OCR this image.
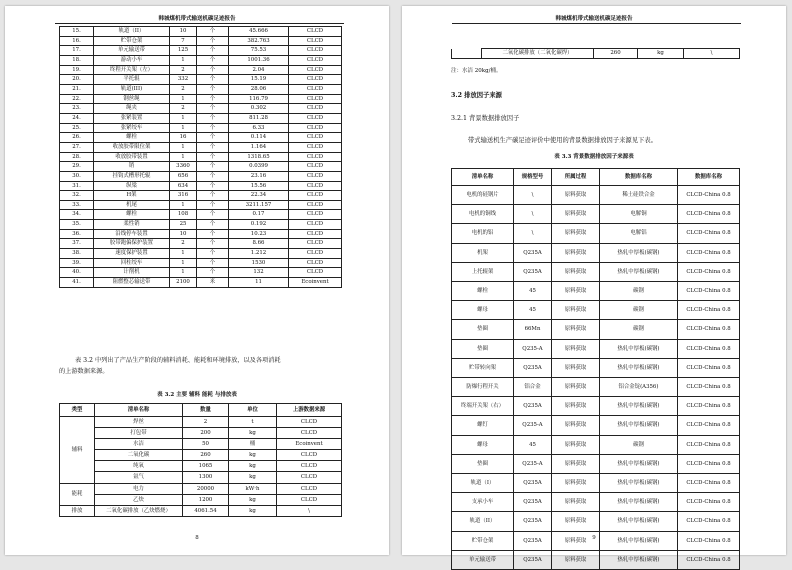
韩城煤机带式输送机碳足迹报告
15.	轨道（II）	10	个	45.666	CLCD
16.	贮带仓架	7	个	382.763	CLCD
17.	单元输送带	125	个	75.53	CLCD
18.	游动小车	1	个	1001.36	CLCD
19.	终程开关架（左）	2	个	2.04	CLCD
20.	平托辊	332	个	15.19	CLCD
21.	轨道(III)	2	个	28.06	CLCD
22.	钢丝绳	1	个	116.79	CLCD
23.	绳夹	2	个	0.302	CLCD
24.	张紧装置	1	个	811.28	CLCD
25.	张紧绞车	1	个	6.33	CLCD
26.	螺栓	16	个	0.114	CLCD
27.	收放胶带限位架	1	个	1.164	CLCD
28.	收放胶带装置	1	个	1318.65	CLCD
29.	销	3360	个	0.0399	CLCD
30.	挂钩式槽形托辊	656	个	23.16	CLCD
31.	纵梁	634	个	15.56	CLCD
32.	H架	316	个	22.34	CLCD
33.	机尾	1	个	3211.157	CLCD
34.	螺栓	108	个	0.17	CLCD
35.	柔性销	25	个	0.192	CLCD
36.	沿线停车装置	10	个	10.23	CLCD
37.	胶带跑偏保护装置	2	个	8.66	CLCD
38.	速度保护装置	1	个	1.212	CLCD
39.	回柱绞车	1	个	1530	CLCD
40.	计削机	1	个	132	CLCD
41.	阻燃整芯输送带	2100	米	11	Ecoinvent
表 3.2 中列出了产品生产阶段的辅料消耗、能耗和环境排放，以及各项消耗
的上游数据来源。
表 3.2 主要 辅料 能耗 与排放表
类型	清单名称	数量	单位	上游数据来源
辅料	焊丝	2	t	CLCD
	打包带	200	kg	CLCD
	水洁	50	桶	Ecoinvent
	二氧化碳	260	kg	CLCD
	纯氧	1065	kg	CLCD
	氩气	1300	kg	CLCD
能耗	电力	20000	kW·h	CLCD
	乙炔	1200	kg	CLCD
排放	二氧化碳排放（乙炔燃烧）	4061.54	kg	\
8
韩城煤机带式输送机碳足迹报告
	二氧化碳排放（二氧化碳焊）	260	kg	\
注：水洁 20kg/桶。
3.2 排放因子来源
3.2.1 背景数据排放因子
带式输送机生产碳足迹评价中使用的背景数据排放因子来源见下表。
表 3.3 背景数据排放因子来源表
清单名称	规格型号	所属过程	数据库名称	数据库名称
电机的硅钢片	\	原料获取	稀土硅铁合金	CLCD-China 0.8
电机的铜线	\	原料获取	电解铜	CLCD-China 0.8
电机的铝	\	原料获取	电解铝	CLCD-China 0.8
机架	Q235A	原料获取	热轧中厚板(碳钢)	CLCD-China 0.8
上托辊架	Q235A	原料获取	热轧中厚板(碳钢)	CLCD-China 0.8
螺栓	45	原料获取	碳钢	CLCD-China 0.8
螺母	45	原料获取	碳钢	CLCD-China 0.8
垫圈	66Mn	原料获取	碳钢	CLCD-China 0.8
垫圈	Q235-A	原料获取	热轧中厚板(碳钢)	CLCD-China 0.8
贮带转向架	Q235A	原料获取	热轧中厚板(碳钢)	CLCD-China 0.8
防爆行程开关	铝合金	原料获取	铝合金锭(A356)	CLCD-China 0.8
终端开关架（右）	Q235A	原料获取	热轧中厚板(碳钢)	CLCD-China 0.8
螺钉	Q235-A	原料获取	热轧中厚板(碳钢)	CLCD-China 0.8
螺母	45	原料获取	碳钢	CLCD-China 0.8
垫圈	Q235-A	原料获取	热轧中厚板(碳钢)	CLCD-China 0.8
轨道（I）	Q235A	原料获取	热轧中厚板(碳钢)	CLCD-China 0.8
支承小车	Q235A	原料获取	热轧中厚板(碳钢)	CLCD-China 0.8
轨道（II）	Q235A	原料获取	热轧中厚板(碳钢)	CLCD-China 0.8
贮带仓架	Q235A	原料获取	热轧中厚板(碳钢)	CLCD-China 0.8
单元输送带	Q235A	原料获取	热轧中厚板(碳钢)	CLCD-China 0.8
9
